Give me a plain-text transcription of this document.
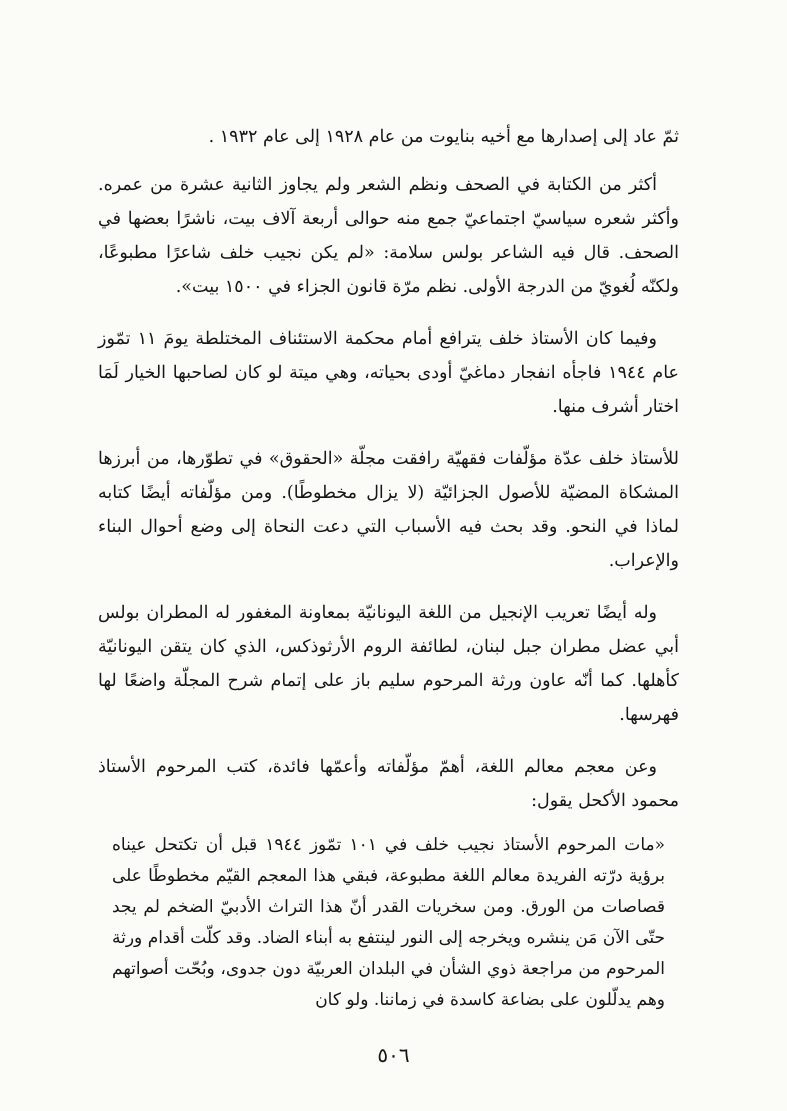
ثمّ عاد إلى إصدارها مع أخيه بنايوت من عام ١٩٢٨ إلى عام ١٩٣٢ .

أكثر من الكتابة في الصحف ونظم الشعر ولم يجاوز الثانية عشرة من عمره. وأكثر شعره سياسيّ اجتماعيّ جمع منه حوالى أربعة آلاف بيت، ناشرًا بعضها في الصحف. قال فيه الشاعر بولس سلامة: «لم يكن نجيب خلف شاعرًا مطبوعًا، ولكنّه لُغويّ من الدرجة الأولى. نظم مرّة قانون الجزاء في ١٥٠٠ بيت».

وفيما كان الأستاذ خلف يترافع أمام محكمة الاستئناف المختلطة يومَ ١١ تمّوز عام ١٩٤٤ فاجأه انفجار دماغيّ أودى بحياته، وهي ميتة لو كان لصاحبها الخيار لَمَا اختار أشرف منها.

للأستاذ خلف عدّة مؤلّفات فقهيّة رافقت مجلّة «الحقوق» في تطوّرها، من أبرزها المشكاة المضيّة للأصول الجزائيّة (لا يزال مخطوطًا). ومن مؤلّفاته أيضًا كتابه لماذا في النحو. وقد بحث فيه الأسباب التي دعت النحاة إلى وضع أحوال البناء والإعراب.

وله أيضًا تعريب الإنجيل من اللغة اليونانيّة بمعاونة المغفور له المطران بولس أبي عضل مطران جبل لبنان، لطائفة الروم الأرثوذكس، الذي كان يتقن اليونانيّة كأهلها. كما أنّه عاون ورثة المرحوم سليم باز على إتمام شرح المجلّة واضعًا لها فهرسها.

وعن معجم معالم اللغة، أهمّ مؤلّفاته وأعمّها فائدة، كتب المرحوم الأستاذ محمود الأكحل يقول:

«مات المرحوم الأستاذ نجيب خلف في ١٠١ تمّوز ١٩٤٤ قبل أن تكتحل عيناه برؤية درّته الفريدة معالم اللغة مطبوعة، فبقي هذا المعجم القيّم مخطوطًا على قصاصات من الورق. ومن سخريات القدر أنّ هذا التراث الأدبيّ الضخم لم يجد حتّى الآن مَن ينشره ويخرجه إلى النور لينتفع به أبناء الضاد. وقد كلّت أقدام ورثة المرحوم من مراجعة ذوي الشأن في البلدان العربيّة دون جدوى، وبُحّت أصواتهم وهم يدلّلون على بضاعة كاسدة في زماننا. ولو كان

٥٠٦
